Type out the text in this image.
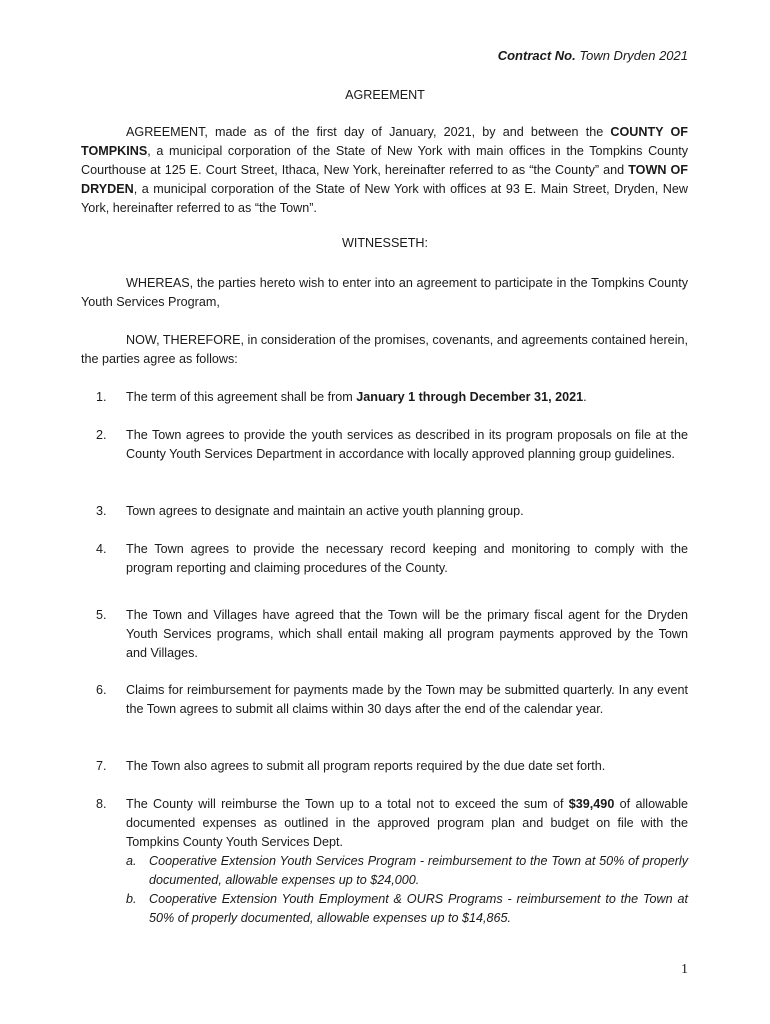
Contract No. Town Dryden 2021
AGREEMENT
AGREEMENT, made as of the first day of January, 2021, by and between the COUNTY OF TOMPKINS, a municipal corporation of the State of New York with main offices in the Tompkins County Courthouse at 125 E. Court Street, Ithaca, New York, hereinafter referred to as “the County” and TOWN OF DRYDEN, a municipal corporation of the State of New York with offices at 93 E. Main Street, Dryden, New York, hereinafter referred to as “the Town”.
WITNESSETH:
WHEREAS, the parties hereto wish to enter into an agreement to participate in the Tompkins County Youth Services Program,
NOW, THEREFORE, in consideration of the promises, covenants, and agreements contained herein, the parties agree as follows:
1.	The term of this agreement shall be from January 1 through December 31, 2021.
2.	The Town agrees to provide the youth services as described in its program proposals on file at the County Youth Services Department in accordance with locally approved planning group guidelines.
3.	Town agrees to designate and maintain an active youth planning group.
4.	The Town agrees to provide the necessary record keeping and monitoring to comply with the program reporting and claiming procedures of the County.
5.	The Town and Villages have agreed that the Town will be the primary fiscal agent for the Dryden Youth Services programs, which shall entail making all program payments approved by the Town and Villages.
6.	Claims for reimbursement for payments made by the Town may be submitted quarterly. In any event the Town agrees to submit all claims within 30 days after the end of the calendar year.
7.	The Town also agrees to submit all program reports required by the due date set forth.
8.	The County will reimburse the Town up to a total not to exceed the sum of $39,490 of allowable documented expenses as outlined in the approved program plan and budget on file with the Tompkins County Youth Services Dept.
a. Cooperative Extension Youth Services Program - reimbursement to the Town at 50% of properly documented, allowable expenses up to $24,000.
b. Cooperative Extension Youth Employment & OURS Programs - reimbursement to the Town at 50% of properly documented, allowable expenses up to $14,865.
1
